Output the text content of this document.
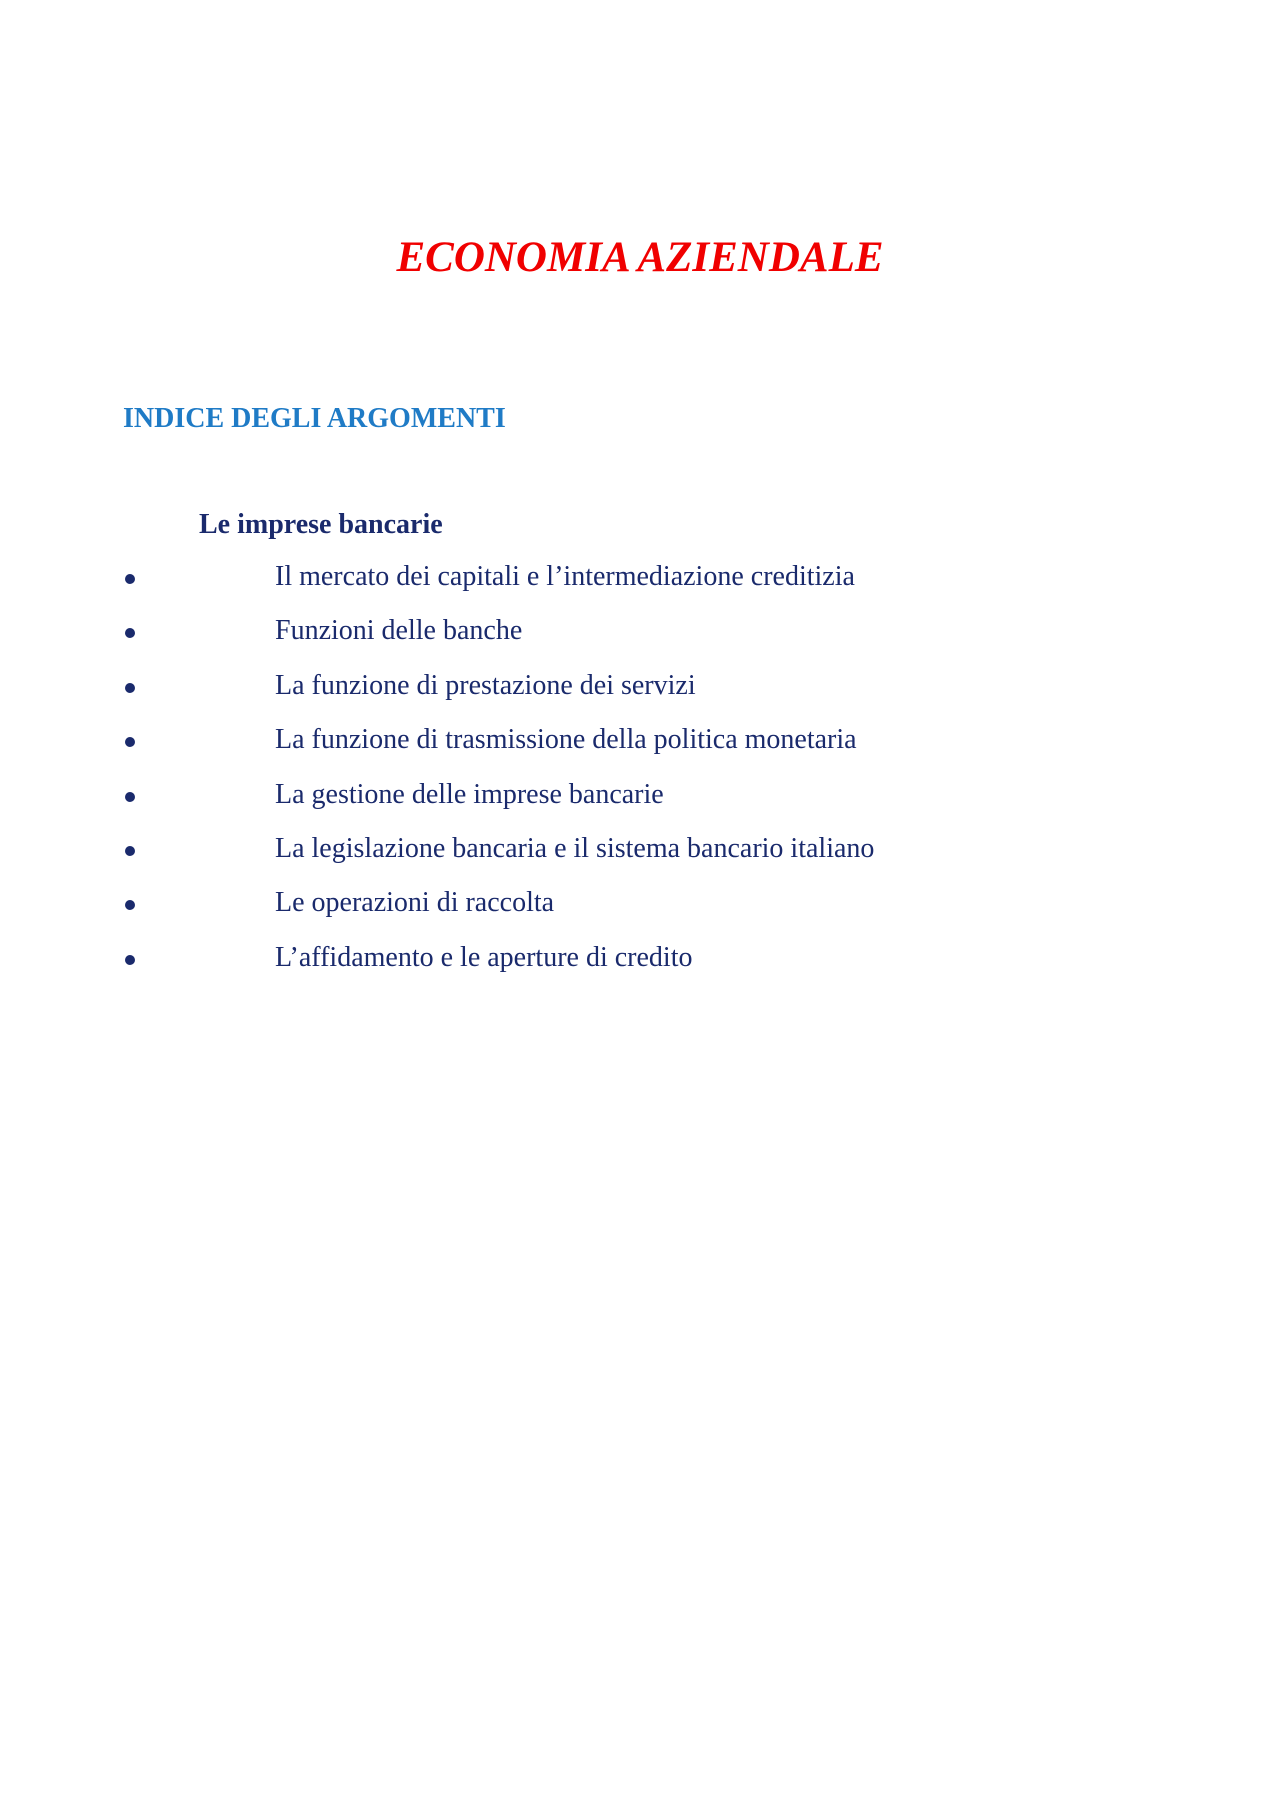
ECONOMIA AZIENDALE
INDICE DEGLI ARGOMENTI
Le imprese bancarie
Il mercato dei capitali e l’intermediazione creditizia
Funzioni delle banche
La funzione di prestazione dei servizi
La funzione di trasmissione della politica monetaria
La gestione delle imprese bancarie
La legislazione bancaria e il sistema bancario italiano
Le operazioni di raccolta
L’affidamento e le aperture di credito
